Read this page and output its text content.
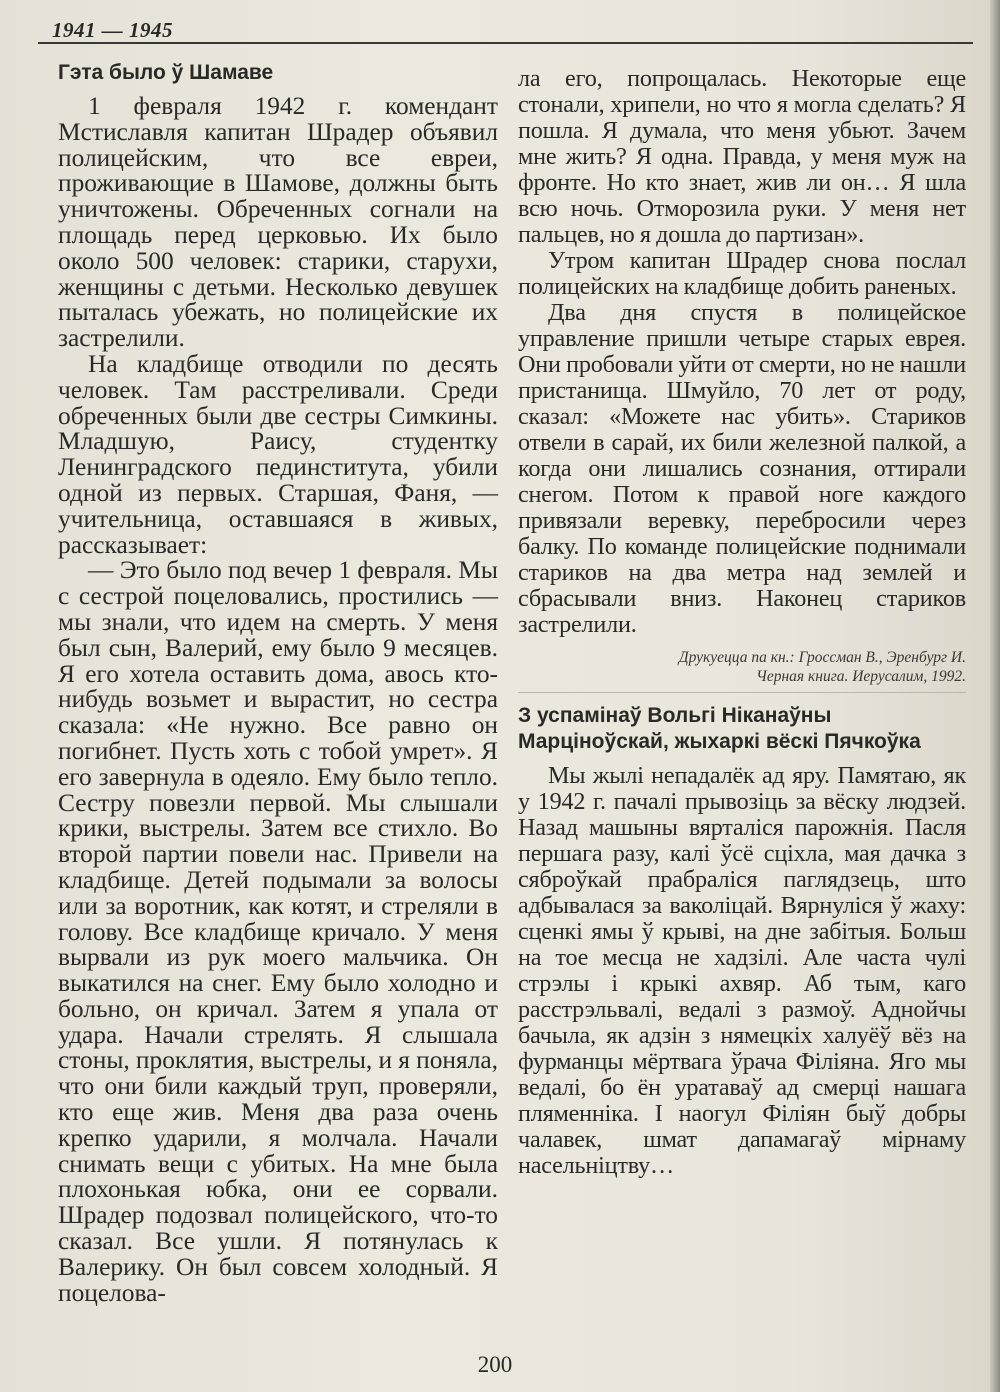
1941 — 1945
Гэта было ў Шамаве

1 февраля 1942 г. комендант Мстиславля капитан Шрадер объявил полицейским, что все евреи, проживающие в Шамове, должны быть уничтожены. Обреченных согнали на площадь перед церковью. Их было около 500 человек: старики, старухи, женщины с детьми. Несколько девушек пыталась убежать, но полицейские их застрелили.

На кладбище отводили по десять человек. Там расстреливали. Среди обреченных были две сестры Симкины. Младшую, Раису, студентку Ленинградского пединститута, убили одной из первых. Старшая, Фаня, — учительница, оставшаяся в живых, рассказывает:

— Это было под вечер 1 февраля. Мы с сестрой поцеловались, простились — мы знали, что идем на смерть. У меня был сын, Валерий, ему было 9 месяцев. Я его хотела оставить дома, авось кто-нибудь возьмет и вырастит, но сестра сказала: «Не нужно. Все равно он погибнет. Пусть хоть с тобой умрет». Я его завернула в одеяло. Ему было тепло. Сестру повезли первой. Мы слышали крики, выстрелы. Затем все стихло. Во второй партии повели нас. Привели на кладбище. Детей подымали за волосы или за воротник, как котят, и стреляли в голову. Все кладбище кричало. У меня вырвали из рук моего мальчика. Он выкатился на снег. Ему было холодно и больно, он кричал. Затем я упала от удара. Начали стрелять. Я слышала стоны, проклятия, выстрелы, и я поняла, что они били каждый труп, проверяли, кто еще жив. Меня два раза очень крепко ударили, я молчала. Начали снимать вещи с убитых. На мне была плохонькая юбка, они ее сорвали. Шрадер подозвал полицейского, что-то сказал. Все ушли. Я потянулась к Валерику. Он был совсем холодный. Я поцелова-

ла его, попрощалась. Некоторые еще стонали, хрипели, но что я могла сделать? Я пошла. Я думала, что меня убьют. Зачем мне жить? Я одна. Правда, у меня муж на фронте. Но кто знает, жив ли он… Я шла всю ночь. Отморозила руки. У меня нет пальцев, но я дошла до партизан».

Утром капитан Шрадер снова послал полицейских на кладбище добить раненых.

Два дня спустя в полицейское управление пришли четыре старых еврея. Они пробовали уйти от смерти, но не нашли пристанища. Шмуйло, 70 лет от роду, сказал: «Можете нас убить». Стариков отвели в сарай, их били железной палкой, а когда они лишались сознания, оттирали снегом. Потом к правой ноге каждого привязали веревку, перебросили через балку. По команде полицейские поднимали стариков на два метра над землей и сбрасывали вниз. Наконец стариков застрелили.

Друкуецца па кн.: Гроссман В., Эренбург И.
Черная книга. Иерусалим, 1992.

З успамінаў Вольгі Ніканаўны Марціноўскай, жыхаркі вёскі Пячкоўка

Мы жылі непадалёк ад яру. Памятаю, як у 1942 г. пачалі прывозіць за вёску людзей. Назад машыны вярталіся парожнія. Пасля першага разу, калі ўсё сціхла, мая дачка з сяброўкай прабраліся паглядзець, што адбывалася за ваколіцай. Вярнуліся ў жаху: сценкі ямы ў крыві, на дне забітыя. Больш на тое месца не хадзілі. Але часта чулі стрэлы і крыкі ахвяр. Аб тым, каго расстрэльвалі, ведалі з размоў. Аднойчы бачыла, як адзін з нямецкіх халуёў вёз на фурманцы мёртвага ўрача Філіяна. Яго мы ведалі, бо ён уратаваў ад смерці нашага пляменніка. І наогул Філіян быў добры чалавек, шмат дапамагаў мірнаму насельніцтву…

200
